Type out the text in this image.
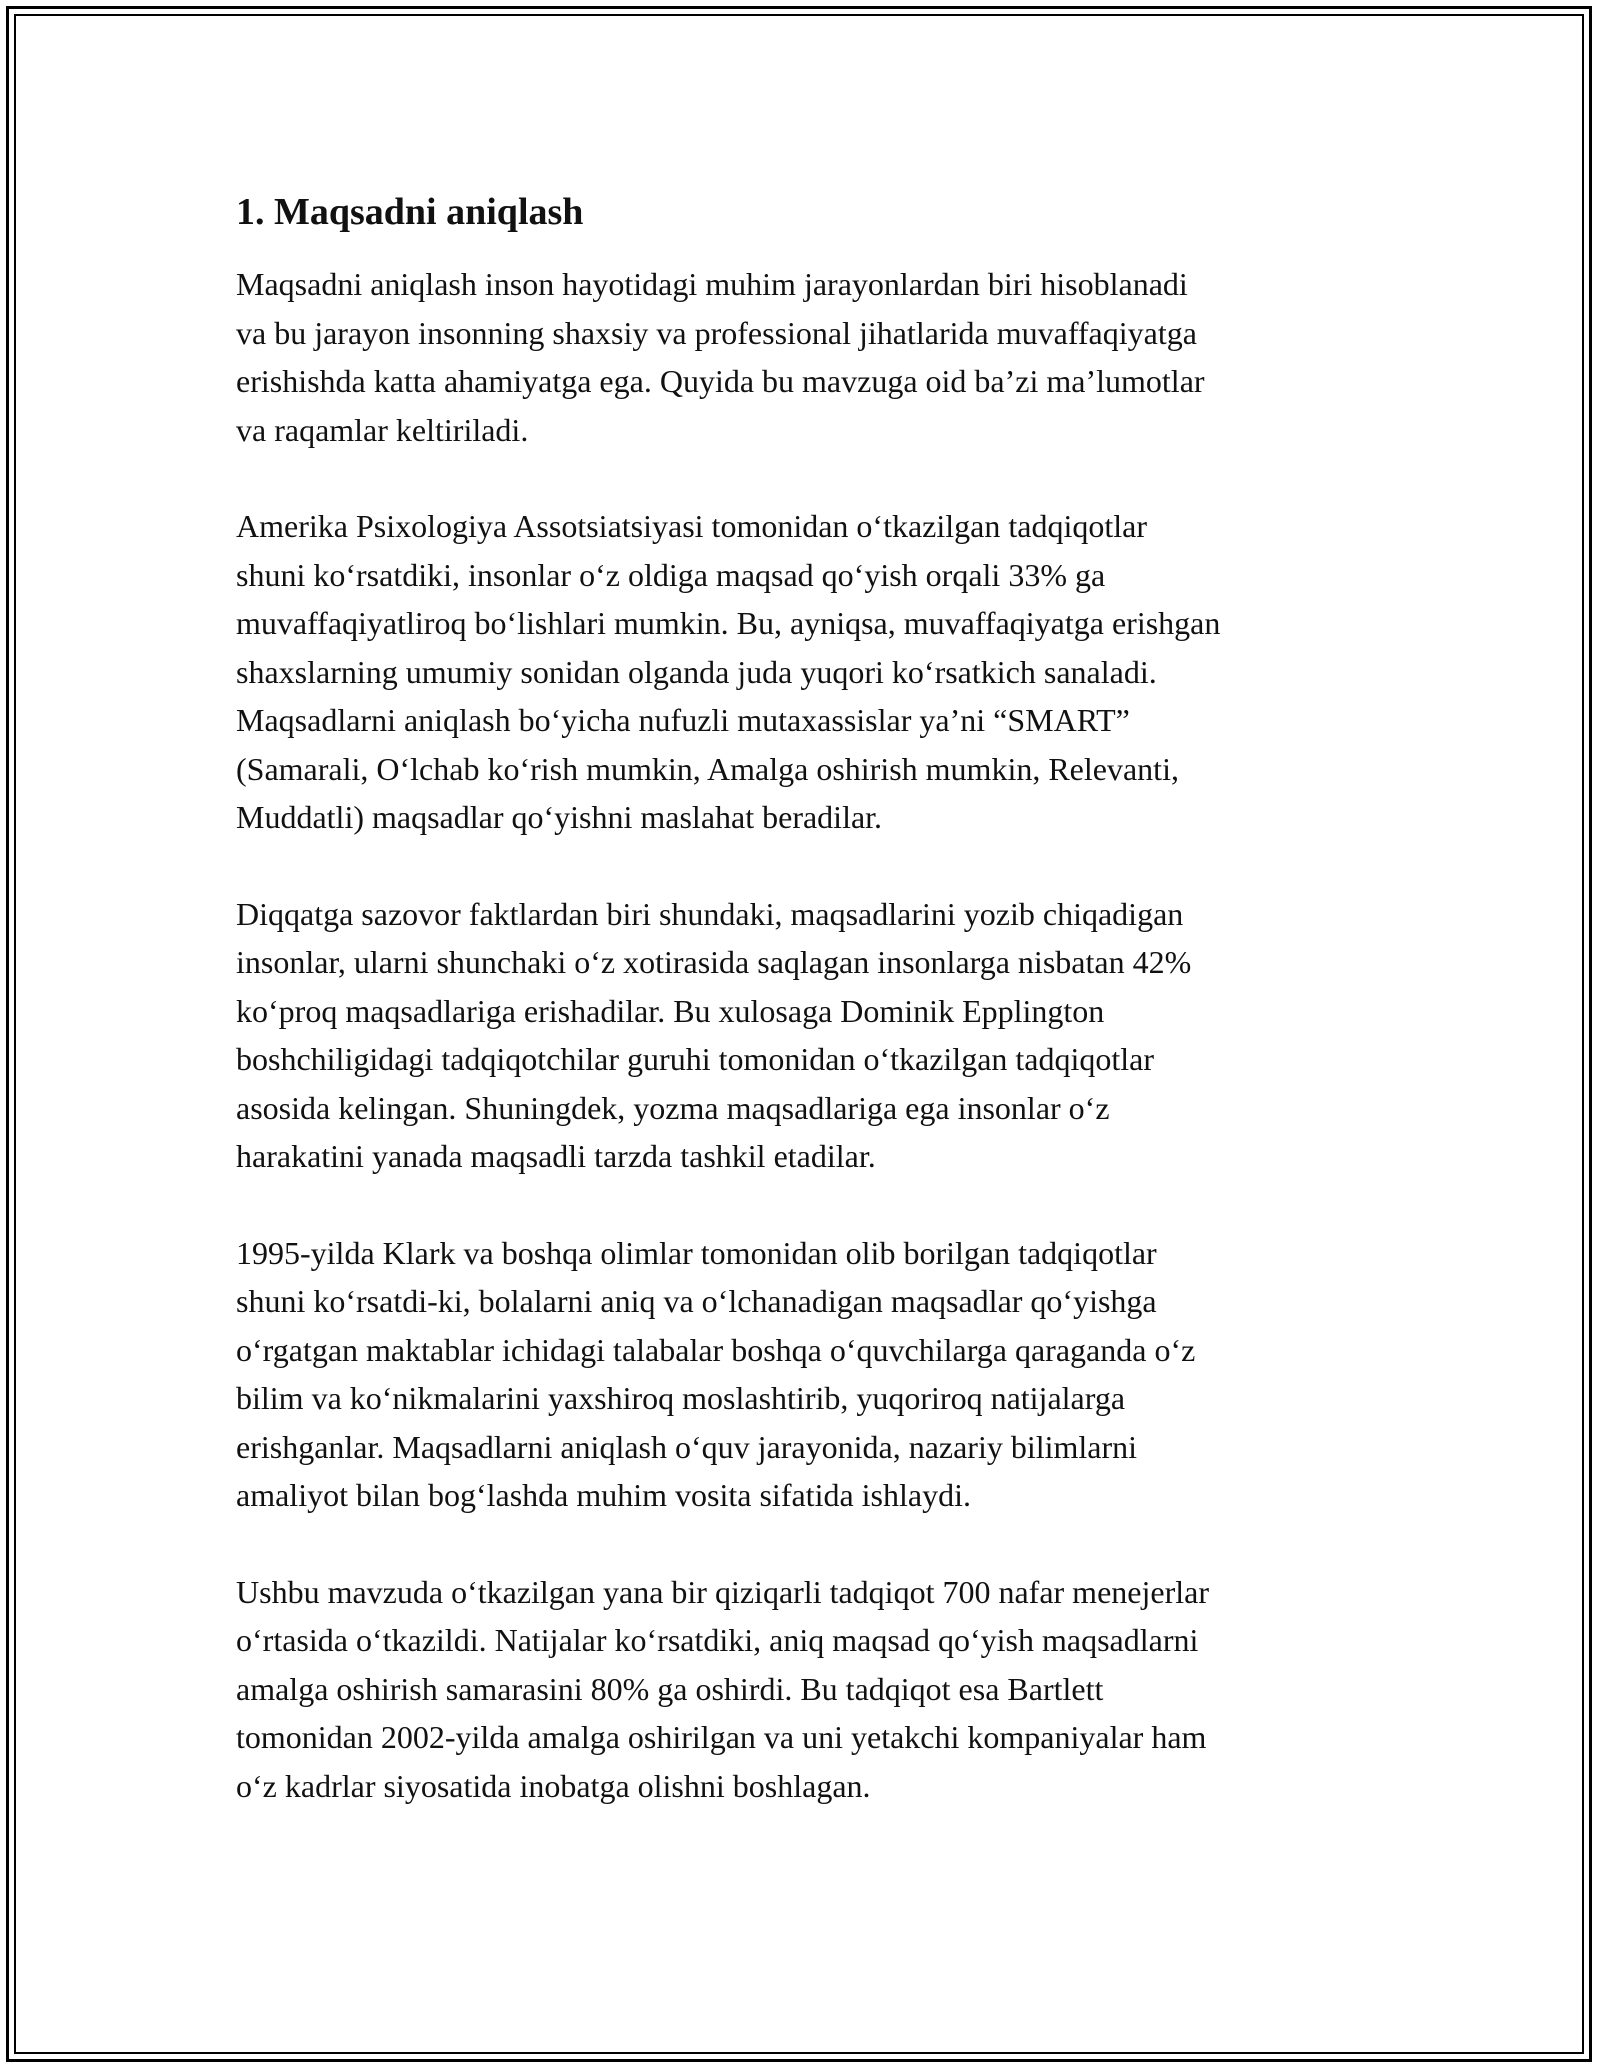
1. Maqsadni aniqlash

Maqsadni aniqlash inson hayotidagi muhim jarayonlardan biri hisoblanadi
va bu jarayon insonning shaxsiy va professional jihatlarida muvaffaqiyatga
erishishda katta ahamiyatga ega. Quyida bu mavzuga oid ba’zi ma’lumotlar
va raqamlar keltiriladi.

Amerika Psixologiya Assotsiatsiyasi tomonidan o‘tkazilgan tadqiqotlar
shuni ko‘rsatdiki, insonlar o‘z oldiga maqsad qo‘yish orqali 33% ga
muvaffaqiyatliroq bo‘lishlari mumkin. Bu, ayniqsa, muvaffaqiyatga erishgan
shaxslarning umumiy sonidan olganda juda yuqori ko‘rsatkich sanaladi.
Maqsadlarni aniqlash bo‘yicha nufuzli mutaxassislar ya’ni “SMART”
(Samarali, O‘lchab ko‘rish mumkin, Amalga oshirish mumkin, Relevanti,
Muddatli) maqsadlar qo‘yishni maslahat beradilar.

Diqqatga sazovor faktlardan biri shundaki, maqsadlarini yozib chiqadigan
insonlar, ularni shunchaki o‘z xotirasida saqlagan insonlarga nisbatan 42%
ko‘proq maqsadlariga erishadilar. Bu xulosaga Dominik Epplington
boshchiligidagi tadqiqotchilar guruhi tomonidan o‘tkazilgan tadqiqotlar
asosida kelingan. Shuningdek, yozma maqsadlariga ega insonlar o‘z
harakatini yanada maqsadli tarzda tashkil etadilar.

1995-yilda Klark va boshqa olimlar tomonidan olib borilgan tadqiqotlar
shuni ko‘rsatdi-ki, bolalarni aniq va o‘lchanadigan maqsadlar qo‘yishga
o‘rgatgan maktablar ichidagi talabalar boshqa o‘quvchilarga qaraganda o‘z
bilim va ko‘nikmalarini yaxshiroq moslashtirib, yuqoriroq natijalarga
erishganlar. Maqsadlarni aniqlash o‘quv jarayonida, nazariy bilimlarni
amaliyot bilan bog‘lashda muhim vosita sifatida ishlaydi.

Ushbu mavzuda o‘tkazilgan yana bir qiziqarli tadqiqot 700 nafar menejerlar
o‘rtasida o‘tkazildi. Natijalar ko‘rsatdiki, aniq maqsad qo‘yish maqsadlarni
amalga oshirish samarasini 80% ga oshirdi. Bu tadqiqot esa Bartlett
tomonidan 2002-yilda amalga oshirilgan va uni yetakchi kompaniyalar ham
o‘z kadrlar siyosatida inobatga olishni boshlagan.
